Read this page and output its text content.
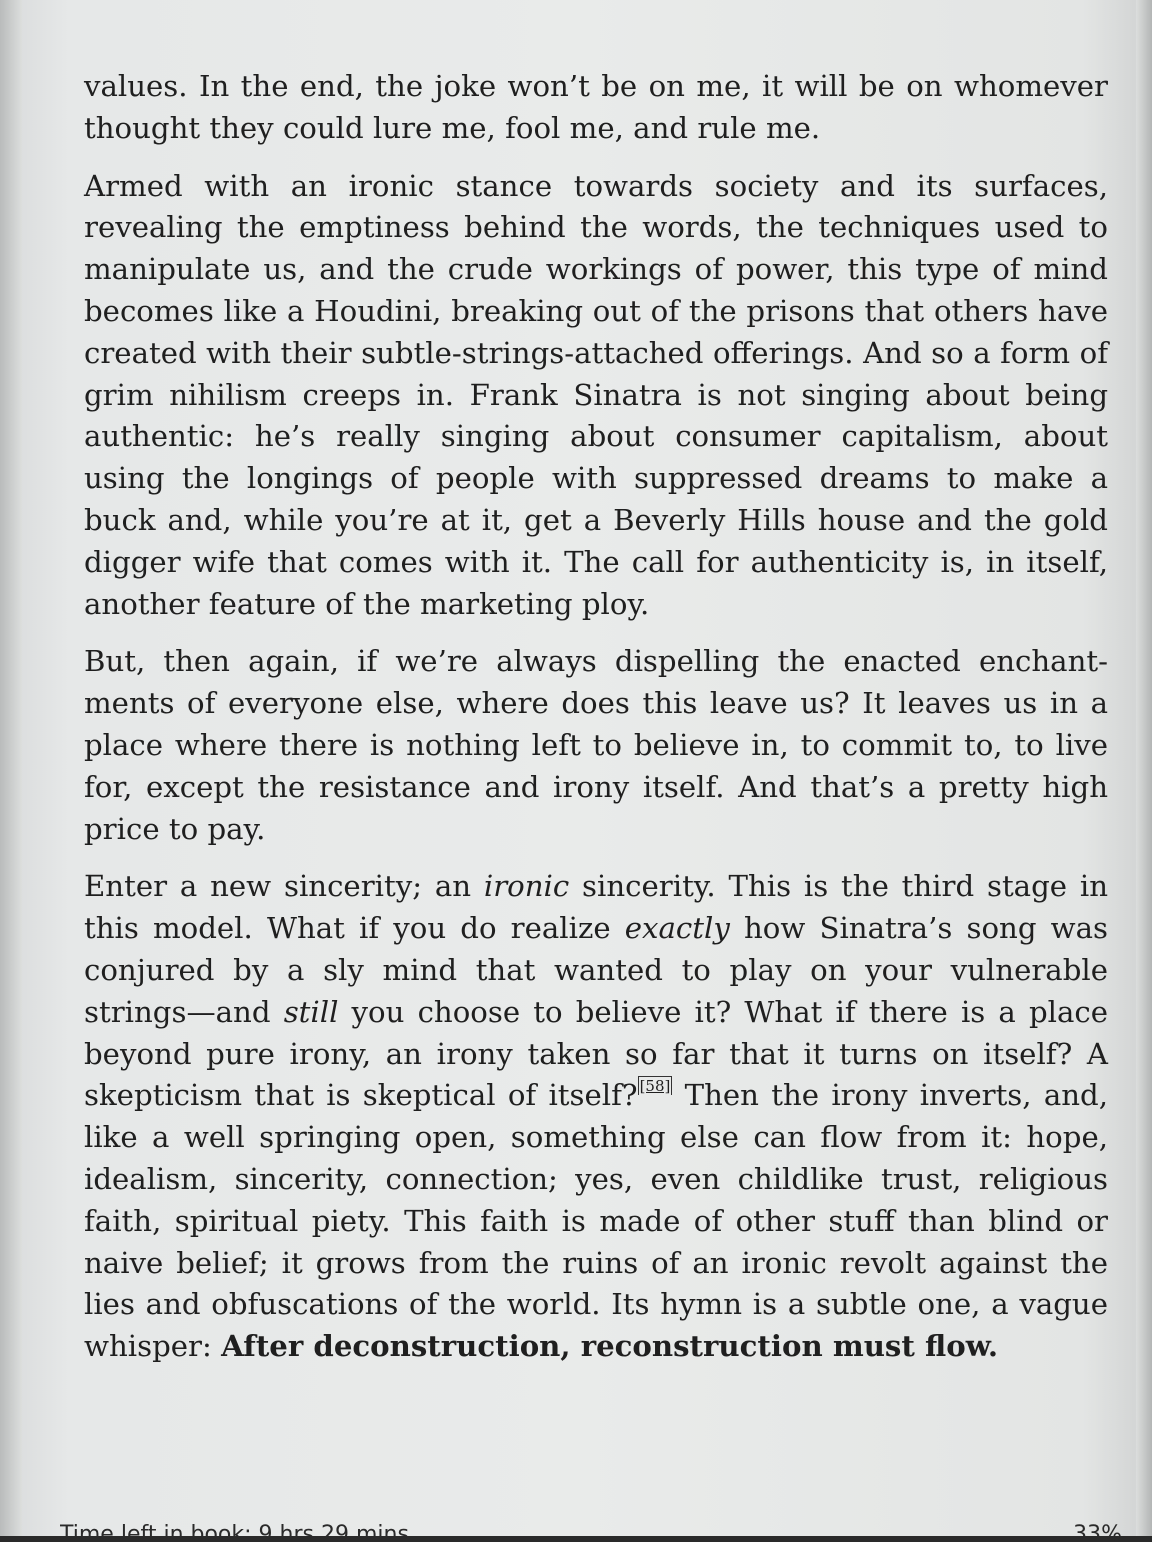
values. In the end, the joke won’t be on me, it will be on whomever thought they could lure me, fool me, and rule me.

Armed with an ironic stance towards society and its surfaces, revealing the emptiness behind the words, the techniques used to manipulate us, and the crude workings of power, this type of mind becomes like a Houdini, breaking out of the prisons that others have created with their subtle-strings-attached offerings. And so a form of grim nihilism creeps in. Frank Sinatra is not singing about being authentic: he’s really singing about consumer capitalism, about using the longings of people with suppressed dreams to make a buck and, while you’re at it, get a Beverly Hills house and the gold digger wife that comes with it. The call for authenticity is, in itself, another feature of the marketing ploy.

But, then again, if we’re always dispelling the enacted enchantments of everyone else, where does this leave us? It leaves us in a place where there is nothing left to believe in, to commit to, to live for, except the resistance and irony itself. And that’s a pretty high price to pay.

Enter a new sincerity; an ironic sincerity. This is the third stage in this model. What if you do realize exactly how Sinatra’s song was conjured by a sly mind that wanted to play on your vulnerable strings—and still you choose to believe it? What if there is a place beyond pure irony, an irony taken so far that it turns on itself? A skepticism that is skeptical of itself? [58] Then the irony inverts, and, like a well springing open, something else can flow from it: hope, idealism, sincerity, connection; yes, even childlike trust, religious faith, spiritual piety. This faith is made of other stuff than blind or naive belief; it grows from the ruins of an ironic revolt against the lies and obfuscations of the world. Its hymn is a subtle one, a vague whisper: After deconstruction, reconstruction must flow.

Time left in book: 9 hrs 29 mins	33%
